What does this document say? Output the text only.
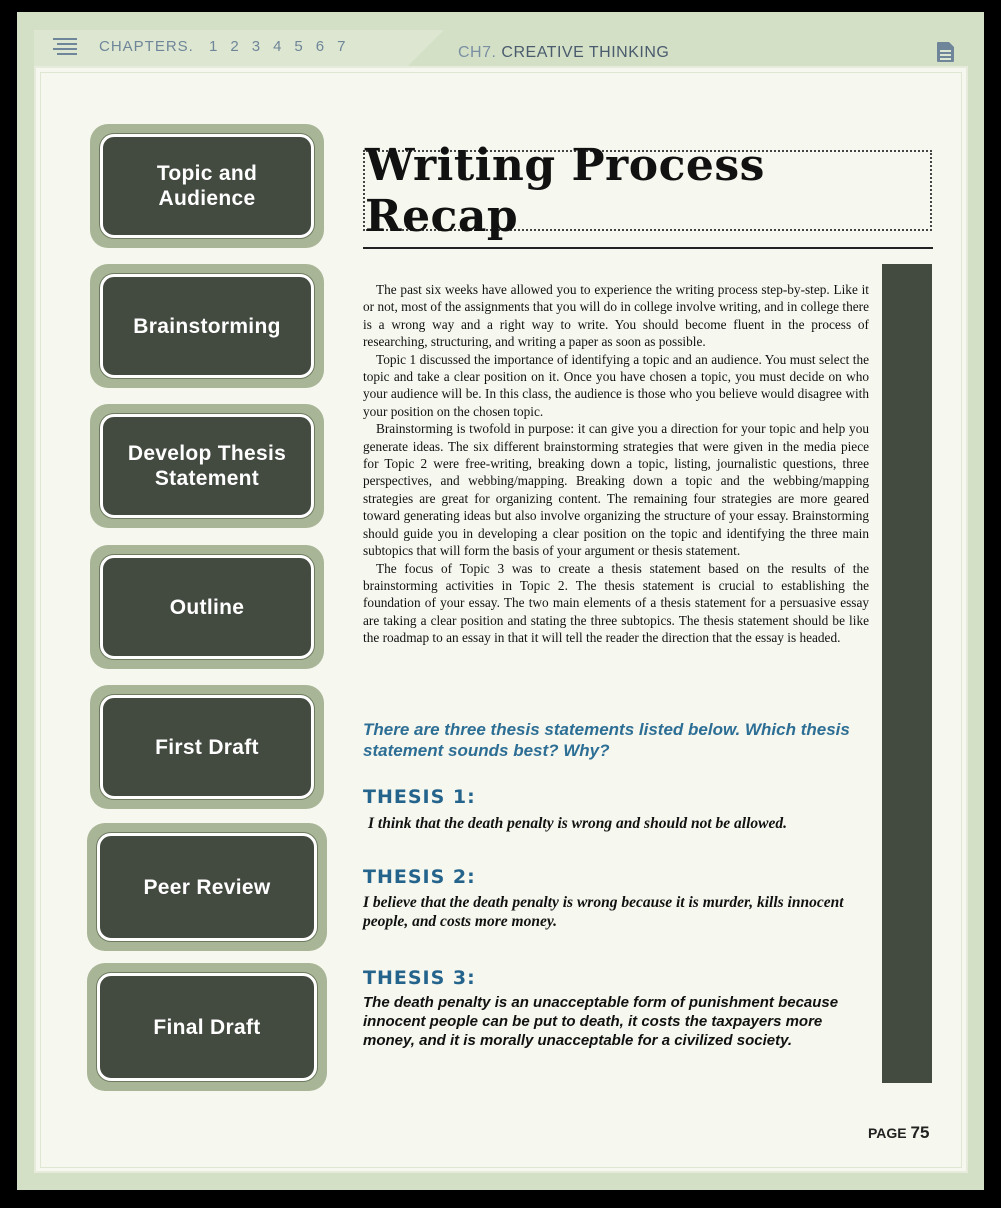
CHAPTERS. 1 2 3 4 5 6 7	CH7. CREATIVE THINKING
Topic and Audience
Brainstorming
Develop Thesis Statement
Outline
First Draft
Peer Review
Final Draft
Writing Process Recap

The past six weeks have allowed you to experience the writing process step-by-step. Like it or not, most of the assignments that you will do in college involve writing, and in college there is a wrong way and a right way to write. You should become fluent in the process of researching, structuring, and writing a paper as soon as possible.

Topic 1 discussed the importance of identifying a topic and an audience. You must select the topic and take a clear position on it. Once you have chosen a topic, you must decide on who your audience will be. In this class, the audience is those who you believe would disagree with your position on the chosen topic.

Brainstorming is twofold in purpose: it can give you a direction for your topic and help you generate ideas. The six different brainstorming strategies that were given in the media piece for Topic 2 were free-writing, breaking down a topic, listing, journalistic questions, three perspectives, and webbing/mapping. Breaking down a topic and the webbing/mapping strategies are great for organizing content. The remaining four strategies are more geared toward generating ideas but also involve organizing the structure of your essay. Brainstorming should guide you in developing a clear position on the topic and identifying the three main subtopics that will form the basis of your argument or thesis statement.

The focus of Topic 3 was to create a thesis statement based on the results of the brainstorming activities in Topic 2. The thesis statement is crucial to establishing the foundation of your essay. The two main elements of a thesis statement for a persuasive essay are taking a clear position and stating the three subtopics. The thesis statement should be like the roadmap to an essay in that it will tell the reader the direction that the essay is headed.

There are three thesis statements listed below. Which thesis statement sounds best? Why?
THESIS 1:
I think that the death penalty is wrong and should not be allowed.
THESIS 2:
I believe that the death penalty is wrong because it is murder, kills innocent people, and costs more money.
THESIS 3:
The death penalty is an unacceptable form of punishment because innocent people can be put to death, it costs the taxpayers more money, and it is morally unacceptable for a civilized society.
PAGE 75
